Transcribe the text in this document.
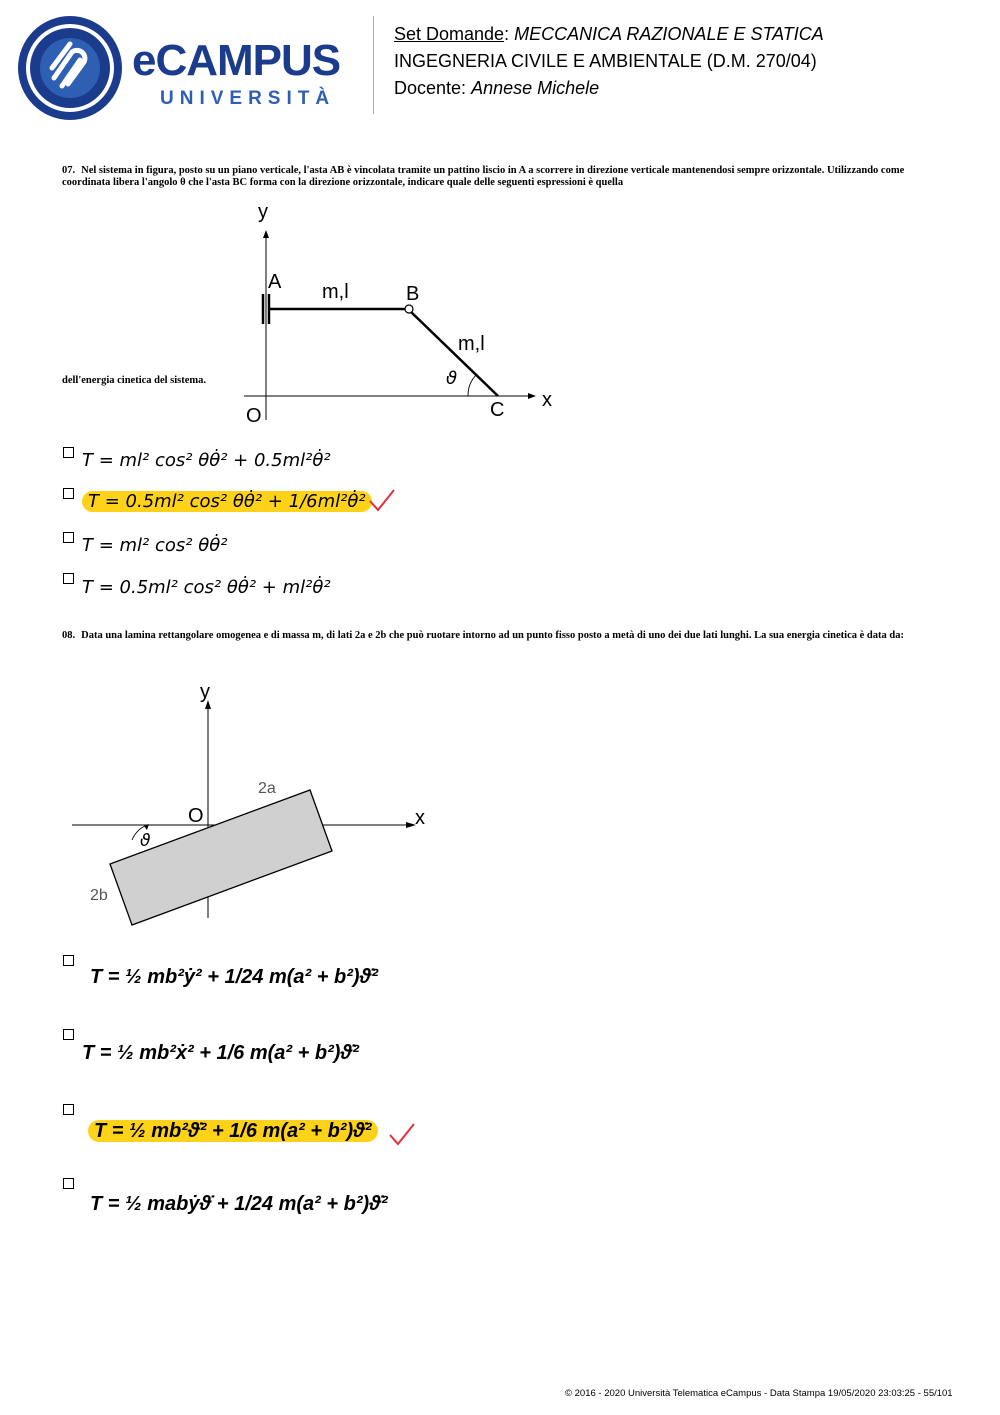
eCAMPUS
UNIVERSITÀ
Set Domande: MECCANICA RAZIONALE E STATICA
INGEGNERIA CIVILE E AMBIENTALE (D.M. 270/04)
Docente: Annese Michele
07. Nel sistema in figura, posto su un piano verticale, l'asta AB è vincolata tramite un pattino liscio in A a scorrere in direzione verticale mantenendosi sempre orizzontale. Utilizzando come coordinata libera l'angolo θ che l'asta BC forma con la direzione orizzontale, indicare quale delle seguenti espressioni è quella
dell'energia cinetica del sistema.
y
x
O
A
B
C
m,l
m,l
ϑ
T = ml² cos² θθ̇² + 0.5ml²θ̇²
T = 0.5ml² cos² θθ̇² + 1/6ml²θ̇²
T = ml² cos² θθ̇²
T = 0.5ml² cos² θθ̇² + ml²θ̇²
08. Data una lamina rettangolare omogenea e di massa m, di lati 2a e 2b che può ruotare intorno ad un punto fisso posto a metà di uno dei due lati lunghi. La sua energia cinetica è data da:
y
x
O
2a
2b
ϑ
T = ½ mb²ẏ² + 1/24 m(a² + b²)ϑ̇²
T = ½ mb²ẋ² + 1/6 m(a² + b²)ϑ̇²
T = ½ mb²ϑ̇² + 1/6 m(a² + b²)ϑ̇²
T = ½ mabẏϑ̇ + 1/24 m(a² + b²)ϑ̇²
© 2016 - 2020 Università Telematica eCampus - Data Stampa 19/05/2020 23:03:25 - 55/101
